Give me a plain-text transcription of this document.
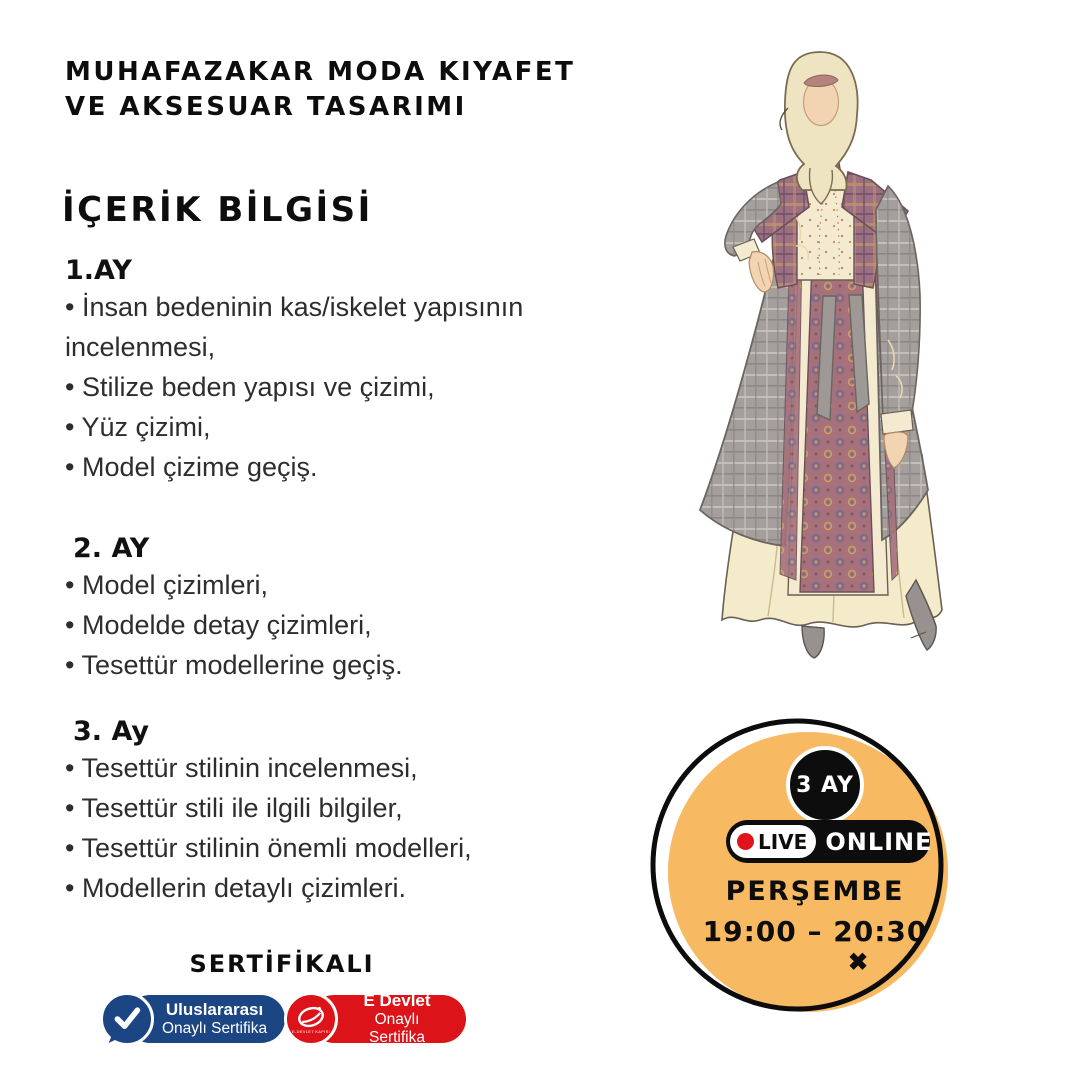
MUHAFAZAKAR MODA KIYAFET
VE AKSESUAR TASARIMI
İÇERİK BİLGİSİ
1.AY
• İnsan bedeninin kas/iskelet yapısının incelenmesi,
• Stilize beden yapısı ve çizimi,
• Yüz çizimi,
• Model çizime geçiş.
2. AY
• Model çizimleri,
• Modelde detay çizimleri,
• Tesettür modellerine geçiş.
3. Ay
• Tesettür stilinin incelenmesi,
• Tesettür stili ile ilgili bilgiler,
• Tesettür stilinin önemli modelleri,
• Modellerin detaylı çizimleri.
SERTİFİKALI
Uluslararası
Onaylı Sertifika	E-DEVLET KAPISI
E Devlet
Onaylı Sertifika
3 AY
LIVE ONLINE
PERŞEMBE
19:00 – 20:30
✖
